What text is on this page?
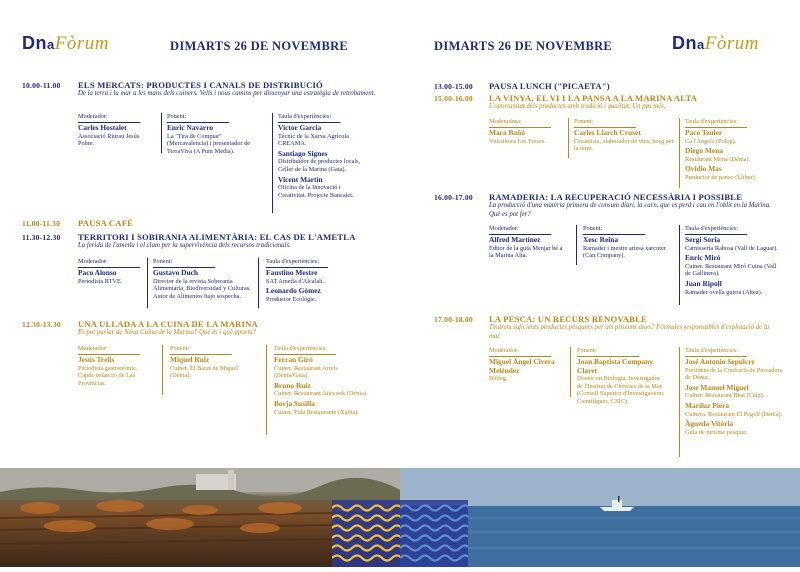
DnaFòrum	DIMARTS 26 DE NOVEMBRE
10.00-11.00 ELS MERCATS: PRODUCTES I CANALS DE DISTRIBUCIÓ
De la terra i la mar a les mans dels cuiners. Vells i nous camins per dissenyar una estratègia de retrobament.
Moderador:
Carles Hostalet
Associació Riurau Jesús Pobre.
Ponent:
Enric Navarro
La "Tira de Comptar" (Mercavalencia) i presentador de TerraViva (A Punt Media).
Taula d'experiències:
Victor Garcia
Tècnic de la Xarxa Agrícola CREAMA.
Santiago Signes
Distribuïdor de productes locals, Celler de la Marina (Gata).
Vicent Martín
Oficina de la Innovació i Creativitat. Projecte Bancalet.
11.00-11.30 PAUSA CAFÈ
11.30-12.30 TERRITORI I SOBIRANIA ALIMENTÀRIA: EL CAS DE L'AMETLA
La ferida de l'ametla i el clam per la supervivència dels recursos tradicionals.
Moderador:
Paco Alonso
Periodista RTVE.
Ponent:
Gustavo Duch
Director de la revista Soberanía Alimentaria, Biodiversidad y Culturas. Autor de Alimentos bajo sospecha.
Taula d'experiències:
Faustino Mestre
SAT Ametla d'Alcalalí.
Leonardo Gómez
Productor Ecològic.
12.30-13.30 UNA ULLADA A LA CUINA DE LA MARINA
Es pot parlar de Nova Cuina de la Marina? Què és i què aporta?
Moderador:
Jesús Trelis
Periodista gastronòmic. Capde redacció de Las Provincias.
Ponent:
Miquel Ruiz
Cuiner. El Baret de Miquel (Dénia).
Taula d'experiències:
Ferran Giró
Cuiner. Restaurant Arrels (Dénia/Gata).
Bruno Ruiz
Cuiner. Restaurant Aticcook (Dénia).
Borja Susilla
Cuiner. Tula Restaurante (Xàbia).
DIMARTS 26 DE NOVEMBRE	DnaFòrum
13.00-15.00 PAUSA LUNCH ("PICAETA")
15.00-16.00 LA VINYA, EL VI I LA PANSA A LA MARINA ALTA
L'oportunitat dels productes amb tradició i qualitat. Un pas més.
Moderadora:
Mara Bañó
Viticultora Les Freses.
Ponent:
Carles Llarch Cruset
Ceramista, elaborador de vins, bosg per la terra.
Taula d'experiències:
Paco Teuler
Ca l'Angels (Polop).
Diego Mena
Restaurant Mena (Dénia).
Ovidio Mas
Productor de panso (Llíber).
16.00-17.00 RAMADERIA: LA RECUPERACIÓ NECESSÀRIA I POSSIBLE
La producció d'una matèria primera de consum diari, la carn, que es perd i cau en l'oblit en la Marina. Què es pot fer?
Moderador:
Alfred Martínez
Editor de la guia Menjar bé a la Marina Alta.
Ponent:
Xesc Reina
Ramader i mestre artesà xarcuter (Can Company).
Taula d'experiències:
Sergi Soria
Carnisseria Rabosa (Vall de Laguar).
Enric Miró
Cuiner. Restaurant Miró Cuina (Vall de Gallinera).
Juan Ripoll
Ramader ovella guirra (Altea).
17.00-18.00 LA PESCA: UN RECURS RENOVABLE
Tindrem suficients productes pesquers per als pròxims anys? Fórmules responsables d'explotació de la mar.
Moderador:
Miguel Ángel Civera Meléndez
Biòleg.
Ponent:
Joan Baptista Company Claret
Doctor en Biologia. Investigador de l'Institut de Ciències de la Mar (Consell Superior d'Investigacions Científiques, CSIC).
Taula d'experiències:
José Antonio Sepulcre
President de la Confraria de Pescadors de Dénia.
Jose Manuel Miguel
Cuiner. Restaurant Beat (Calp).
Mariluz Piera
Cuinera. Restaurant El Pegolí (Dénia).
Àgueda Vitòria
Guia de turisme pesquer.
